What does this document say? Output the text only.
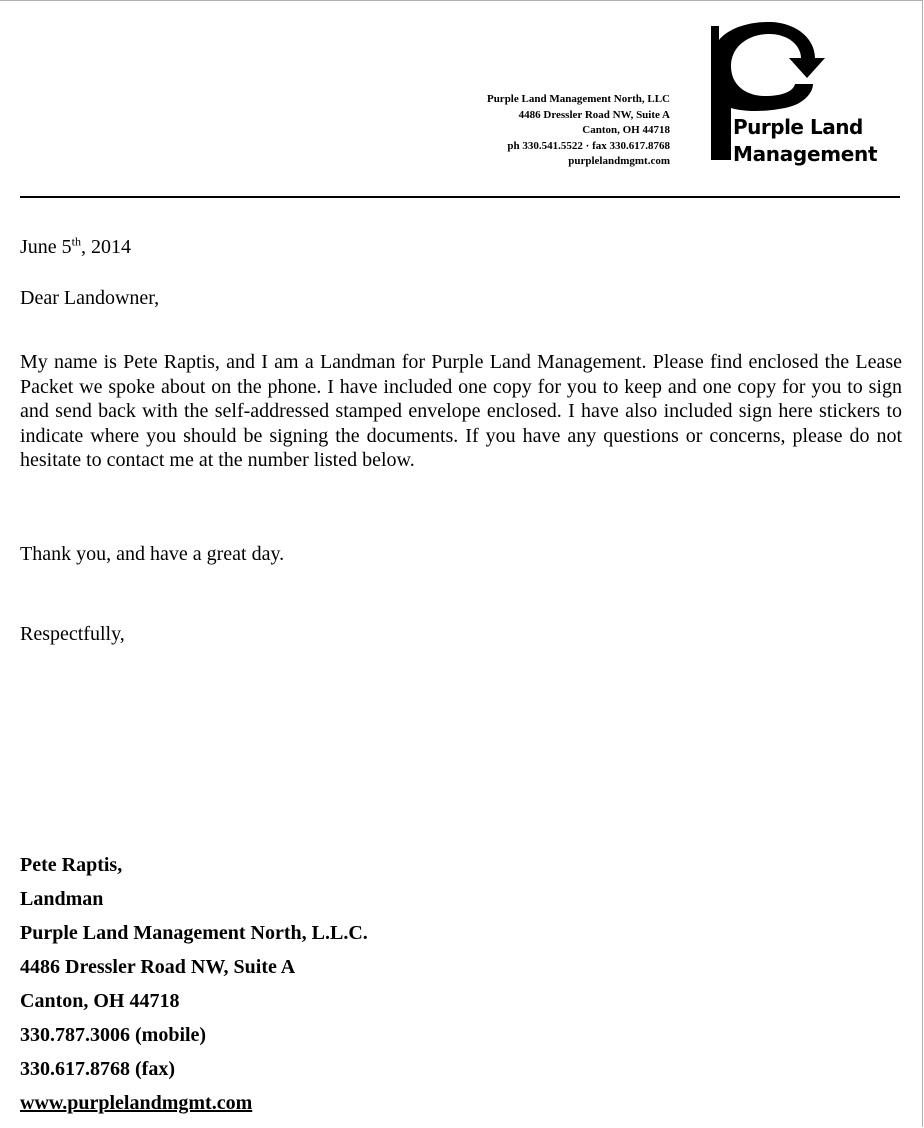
Purple Land Management North, LLC
4486 Dressler Road NW, Suite A
Canton, OH 44718
ph 330.541.5522 · fax 330.617.8768
purplelandmgmt.com
Purple Land
Management
June 5th, 2014
Dear Landowner,
My name is Pete Raptis, and I am a Landman for Purple Land Management. Please find enclosed the Lease Packet we spoke about on the phone. I have included one copy for you to keep and one copy for you to sign and send back with the self-addressed stamped envelope enclosed. I have also included sign here stickers to indicate where you should be signing the documents. If you have any questions or concerns, please do not hesitate to contact me at the number listed below.
Thank you, and have a great day.
Respectfully,
Pete Raptis,
Landman
Purple Land Management North, L.L.C.
4486 Dressler Road NW, Suite A
Canton, OH 44718
330.787.3006 (mobile)
330.617.8768 (fax)
www.purplelandmgmt.com
